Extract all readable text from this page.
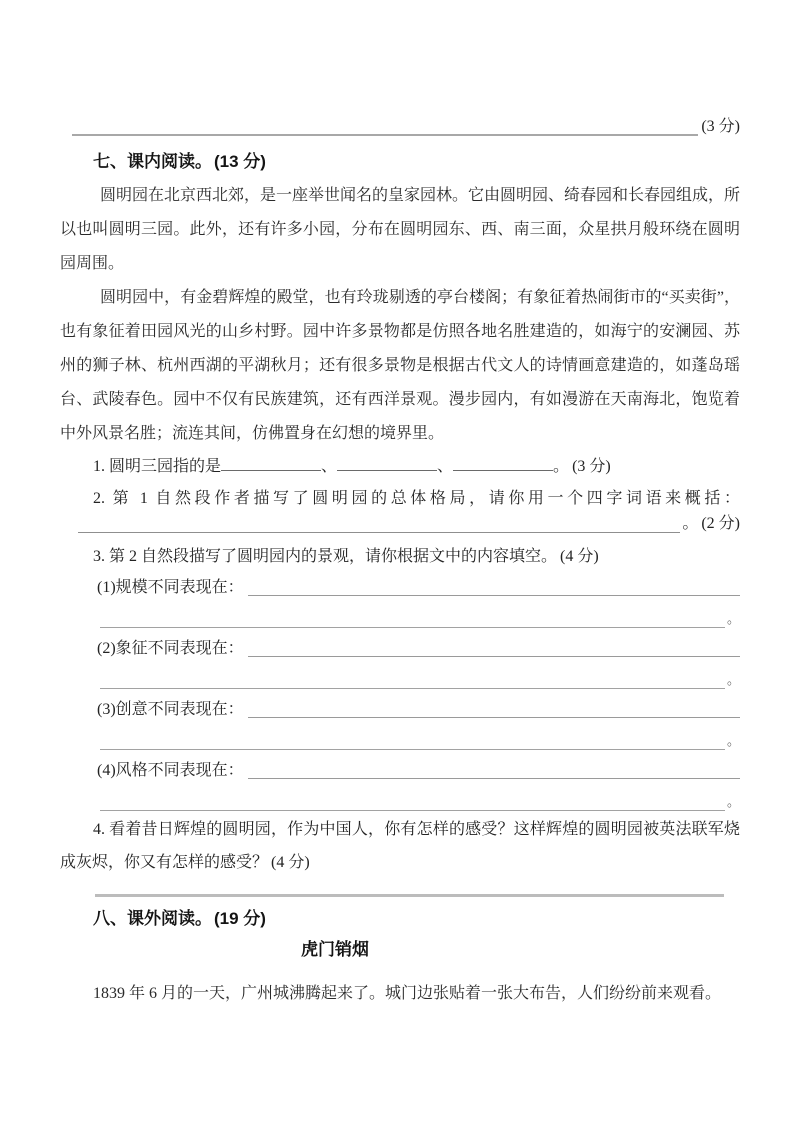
(3 分)
七、课内阅读。 (13 分)

圆明园在北京西北郊，是一座举世闻名的皇家园林。它由圆明园、绮春园和长春园组成，所以也叫圆明三园。此外，还有许多小园，分布在圆明园东、西、南三面，众星拱月般环绕在圆明园周围。

圆明园中，有金碧辉煌的殿堂，也有玲珑剔透的亭台楼阁；有象征着热闹街市的“买卖街”，也有象征着田园风光的山乡村野。园中许多景物都是仿照各地名胜建造的，如海宁的安澜园、苏州的狮子林、杭州西湖的平湖秋月；还有很多景物是根据古代文人的诗情画意建造的，如蓬岛瑶台、武陵春色。园中不仅有民族建筑，还有西洋景观。漫步园内，有如漫游在天南海北，饱览着中外风景名胜；流连其间，仿佛置身在幻想的境界里。

1. 圆明三园指的是	、	、	。 (3 分)

2. 第 1 自然段作者描写了圆明园的总体格局，请你用一个四字词语来概括：

。 (2 分)

3. 第 2 自然段描写了圆明园内的景观，请你根据文中的内容填空。 (4 分)

(1)规模不同表现在：
。
(2)象征不同表现在：
。
(3)创意不同表现在：
。
(4)风格不同表现在：
。

4. 看着昔日辉煌的圆明园，作为中国人，你有怎样的感受？这样辉煌的圆明园被英法联军烧成灰烬，你又有怎样的感受？ (4 分)

八、课外阅读。 (19 分)
虎门销烟

1839 年 6 月的一天，广州城沸腾起来了。城门边张贴着一张大布告，人们纷纷前来观看。
